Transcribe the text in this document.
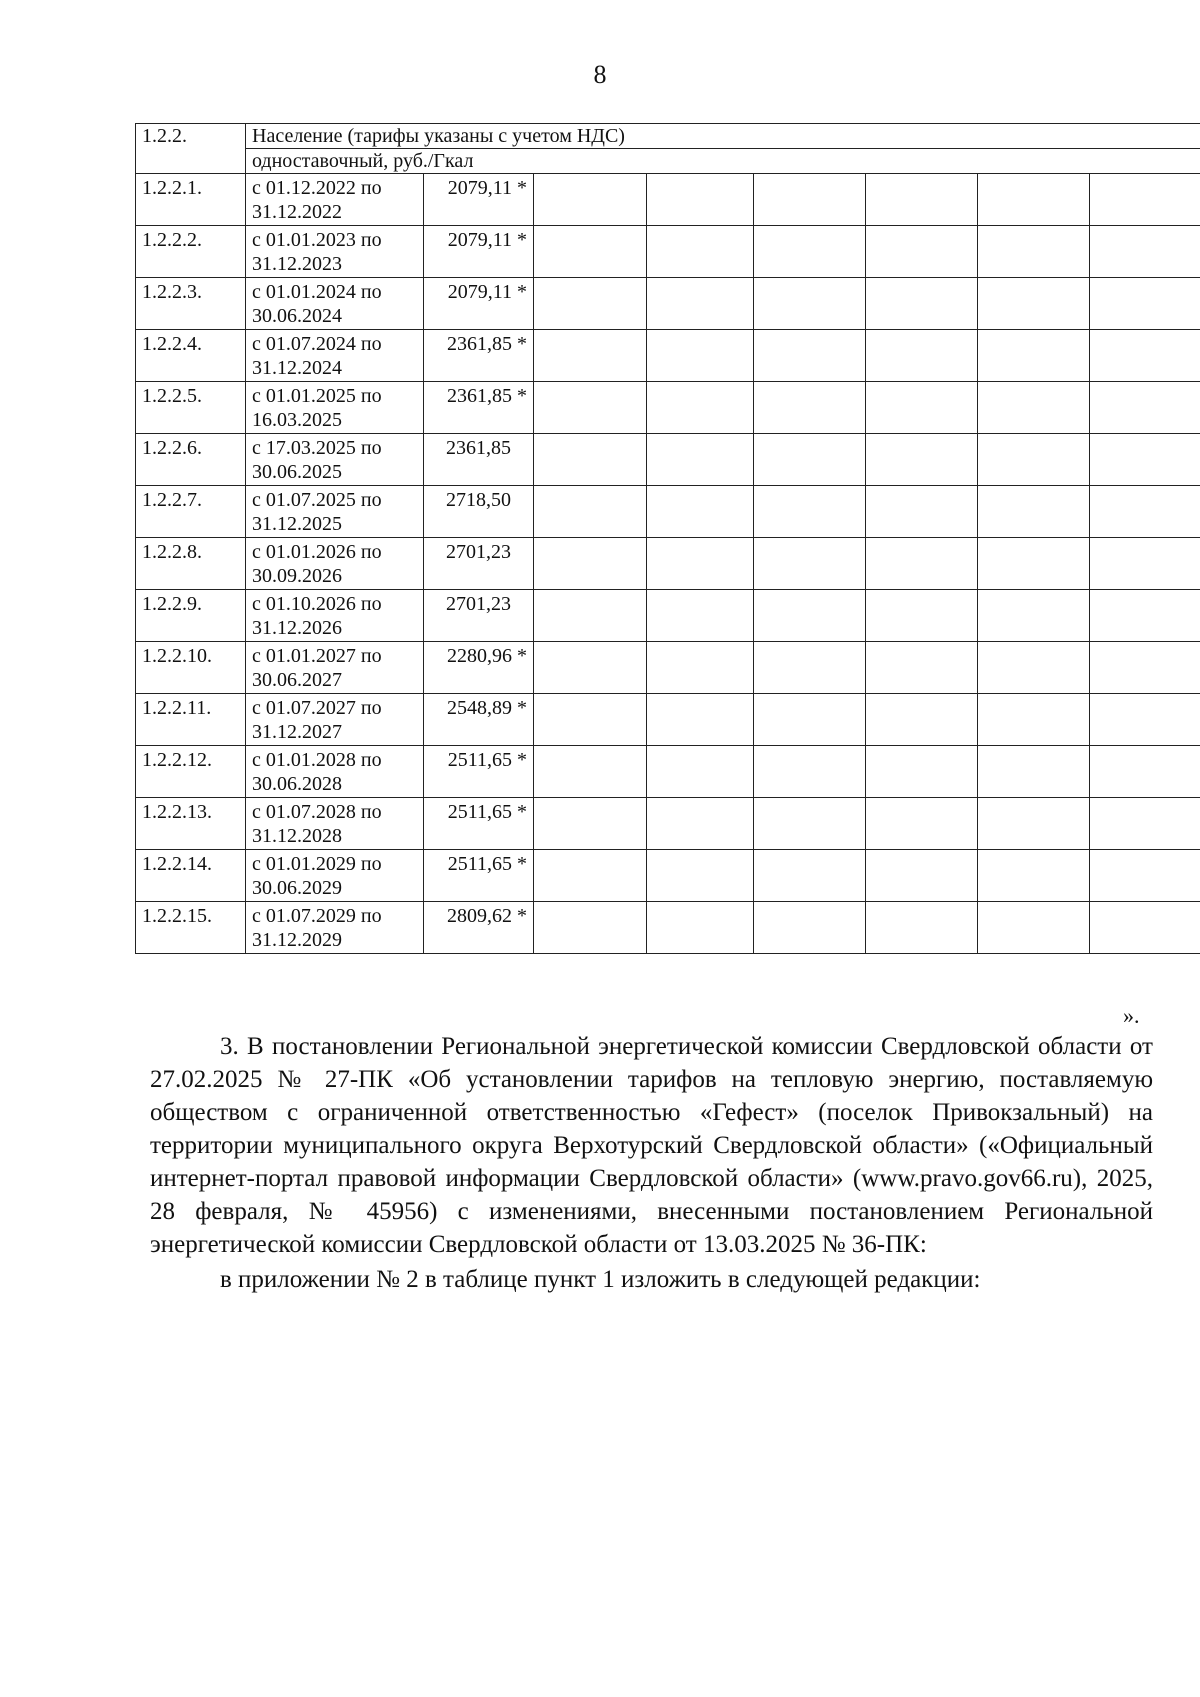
8
1.2.2.	Население (тарифы указаны с учетом НДС)							
	одноставочный, руб./Гкал							
1.2.2.1.	с 01.12.2022 по
31.12.2022	2079,11 *						
1.2.2.2.	с 01.01.2023 по
31.12.2023	2079,11 *						
1.2.2.3.	с 01.01.2024 по
30.06.2024	2079,11 *						
1.2.2.4.	с 01.07.2024 по
31.12.2024	2361,85 *						
1.2.2.5.	с 01.01.2025 по
16.03.2025	2361,85 *						
1.2.2.6.	с 17.03.2025 по
30.06.2025	2361,85						
1.2.2.7.	с 01.07.2025 по
31.12.2025	2718,50						
1.2.2.8.	с 01.01.2026 по
30.09.2026	2701,23						
1.2.2.9.	с 01.10.2026 по
31.12.2026	2701,23						
1.2.2.10.	с 01.01.2027 по
30.06.2027	2280,96 *						
1.2.2.11.	с 01.07.2027 по
31.12.2027	2548,89 *						
1.2.2.12.	с 01.01.2028 по
30.06.2028	2511,65 *						
1.2.2.13.	с 01.07.2028 по
31.12.2028	2511,65 *						
1.2.2.14.	с 01.01.2029 по
30.06.2029	2511,65 *						
1.2.2.15.	с 01.07.2029 по
31.12.2029	2809,62 *						
».

3. В постановлении Региональной энергетической комиссии Свердловской области от 27.02.2025 № 27-ПК «Об установлении тарифов на тепловую энергию, поставляемую обществом с ограниченной ответственностью «Гефест» (поселок Привокзальный) на территории муниципального округа Верхотурский Свердловской области» («Официальный интернет-портал правовой информации Свердловской области» (www.pravo.gov66.ru), 2025, 28 февраля, № 45956) с изменениями, внесенными постановлением Региональной энергетической комиссии Свердловской области от 13.03.2025 № 36-ПК:

в приложении № 2 в таблице пункт 1 изложить в следующей редакции:
